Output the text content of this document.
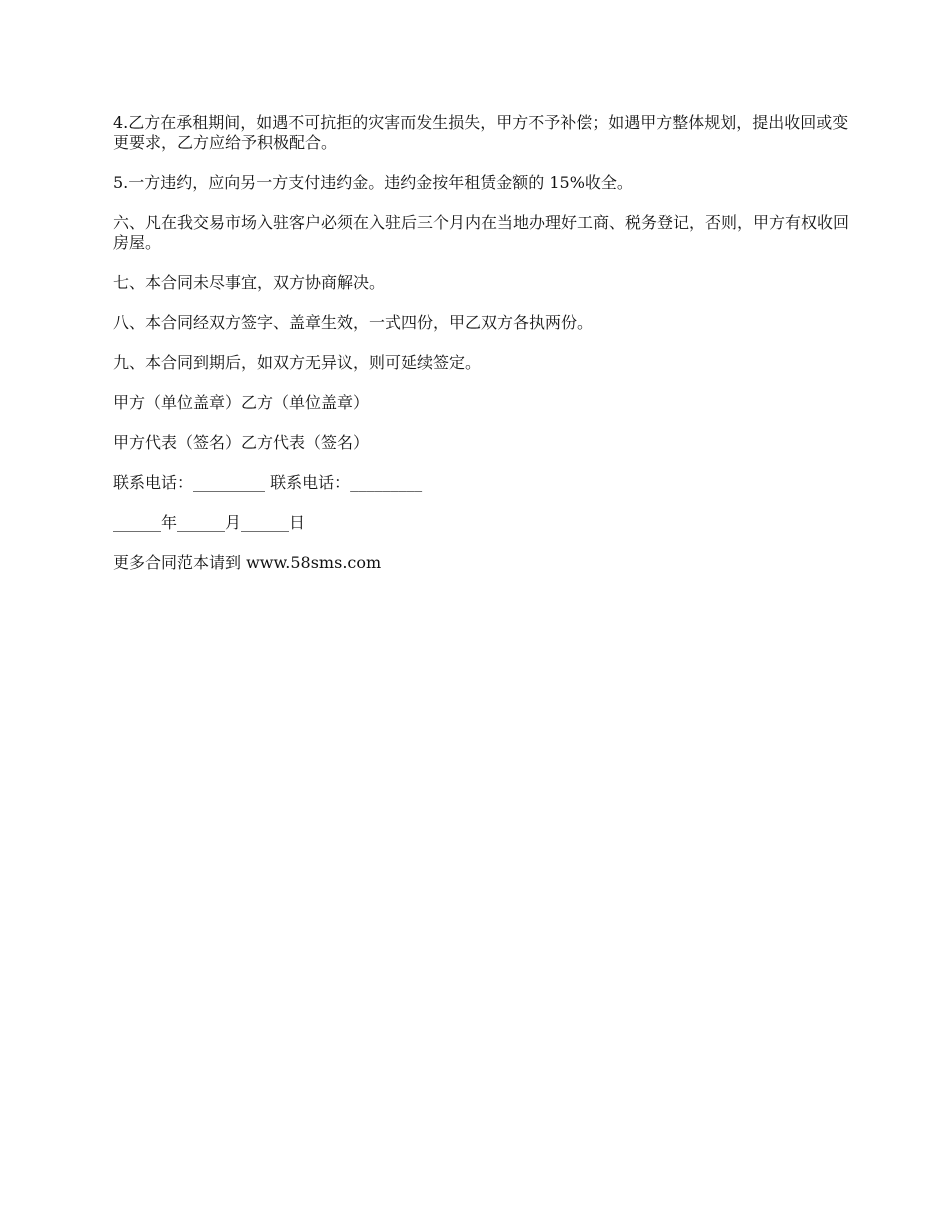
4.乙方在承租期间，如遇不可抗拒的灾害而发生损失，甲方不予补偿；如遇甲方整体规划，提出收回或变更要求，乙方应给予积极配合。

5.一方违约，应向另一方支付违约金。违约金按年租赁金额的 15%收全。

六、凡在我交易市场入驻客户必须在入驻后三个月内在当地办理好工商、税务登记，否则，甲方有权收回房屋。

七、本合同未尽事宜，双方协商解决。

八、本合同经双方签字、盖章生效，一式四份，甲乙双方各执两份。

九、本合同到期后，如双方无异议，则可延续签定。

甲方（单位盖章）乙方（单位盖章）

甲方代表（签名）乙方代表（签名）

联系电话：_________ 联系电话：_________

______年______月______日

更多合同范本请到 www.58sms.com
